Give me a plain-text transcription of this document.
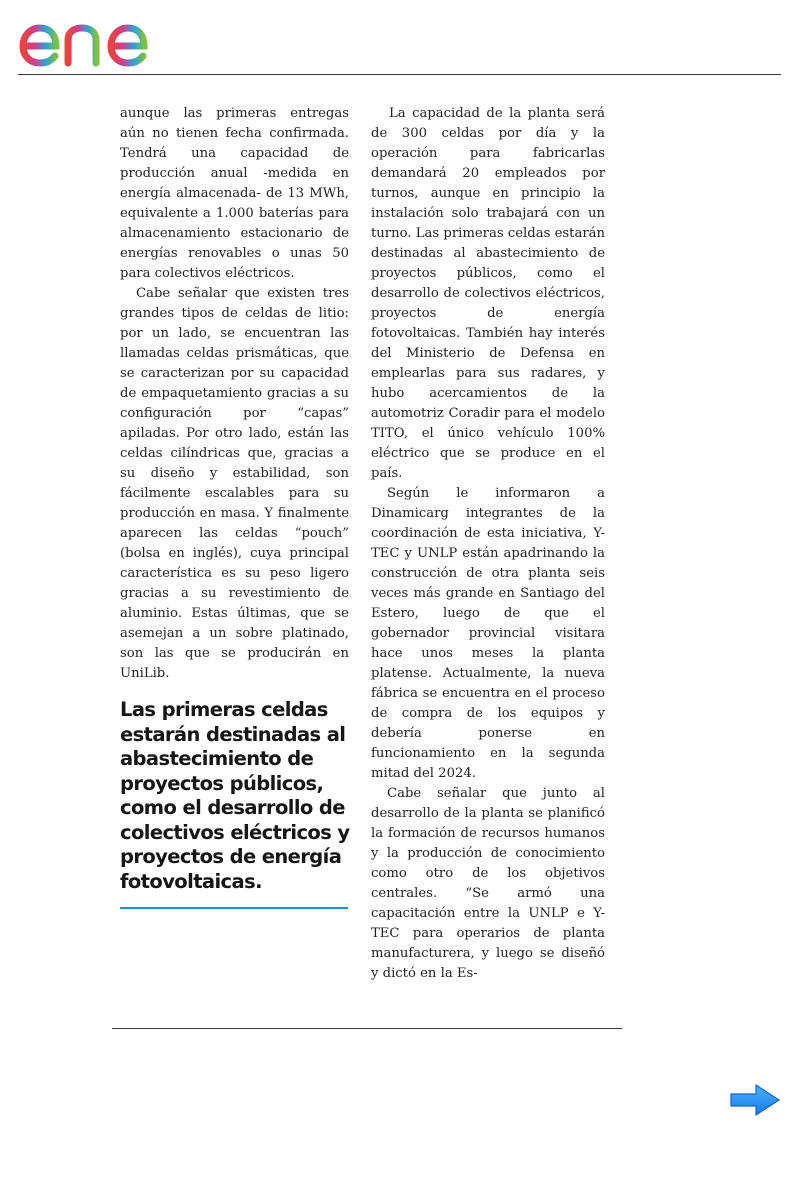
aunque las primeras entregas aún no tienen fecha confirmada. Tendrá una capacidad de producción anual -medida en energía almacenada- de 13 MWh, equivalente a 1.000 baterías para almacenamiento estacionario de energías renovables o unas 50 para colectivos eléctricos.

Cabe señalar que existen tres grandes tipos de celdas de litio: por un lado, se encuentran las llamadas celdas prismáticas, que se caracterizan por su capacidad de empaquetamiento gracias a su configuración por “capas” apiladas. Por otro lado, están las celdas cilíndricas que, gracias a su diseño y estabilidad, son fácilmente escalables para su producción en masa. Y finalmente aparecen las celdas “pouch” (bolsa en inglés), cuya principal característica es su peso ligero gracias a su revestimiento de aluminio. Estas últimas, que se asemejan a un sobre platinado, son las que se producirán en UniLib.

Las primeras celdas estarán destinadas al abastecimiento de proyectos públicos, como el desarrollo de colectivos eléctricos y proyectos de energía fotovoltaicas.

La capacidad de la planta será de 300 celdas por día y la operación para fabricarlas demandará 20 empleados por turnos, aunque en principio la instalación solo trabajará con un turno. Las primeras celdas estarán destinadas al abastecimiento de proyectos públicos, como el desarrollo de colectivos eléctricos, proyectos de energía fotovoltaicas. También hay interés del Ministerio de Defensa en emplearlas para sus radares, y hubo acercamientos de la automotriz Coradir para el modelo TITO, el único vehículo 100% eléctrico que se produce en el país.

Según le informaron a Dinamicarg integrantes de la coordinación de esta iniciativa, Y-TEC y UNLP están apadrinando la construcción de otra planta seis veces más grande en Santiago del Estero, luego de que el gobernador provincial visitara hace unos meses la planta platense. Actualmente, la nueva fábrica se encuentra en el proceso de compra de los equipos y debería ponerse en funcionamiento en la segunda mitad del 2024.

Cabe señalar que junto al desarrollo de la planta se planificó la formación de recursos humanos y la producción de conocimiento como otro de los objetivos centrales. “Se armó una capacitación entre la UNLP e Y-TEC para operarios de planta manufacturera, y luego se diseñó y dictó en la Es-
